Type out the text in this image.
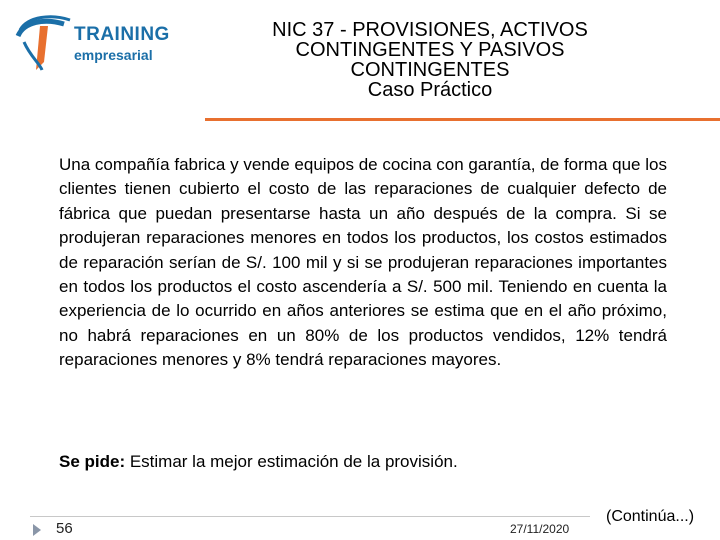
TRAINING
empresarial
NIC 37 - PROVISIONES, ACTIVOS
CONTINGENTES Y PASIVOS
CONTINGENTES
Caso Práctico

Una compañía fabrica y vende equipos de cocina con garantía, de forma que los clientes tienen cubierto el costo de las reparaciones de cualquier defecto de fábrica que puedan presentarse hasta un año después de la compra. Si se produjeran reparaciones menores en todos los productos, los costos estimados de reparación serían de S/. 100 mil y si se produjeran reparaciones importantes en todos los productos el costo ascendería a S/. 500 mil. Teniendo en cuenta la experiencia de lo ocurrido en años anteriores se estima que en el año próximo, no habrá reparaciones en un 80% de los productos vendidos, 12% tendrá reparaciones menores y 8% tendrá reparaciones mayores.

Se pide: Estimar la mejor estimación de la provisión.

56	27/11/2020
(Continúa...)
